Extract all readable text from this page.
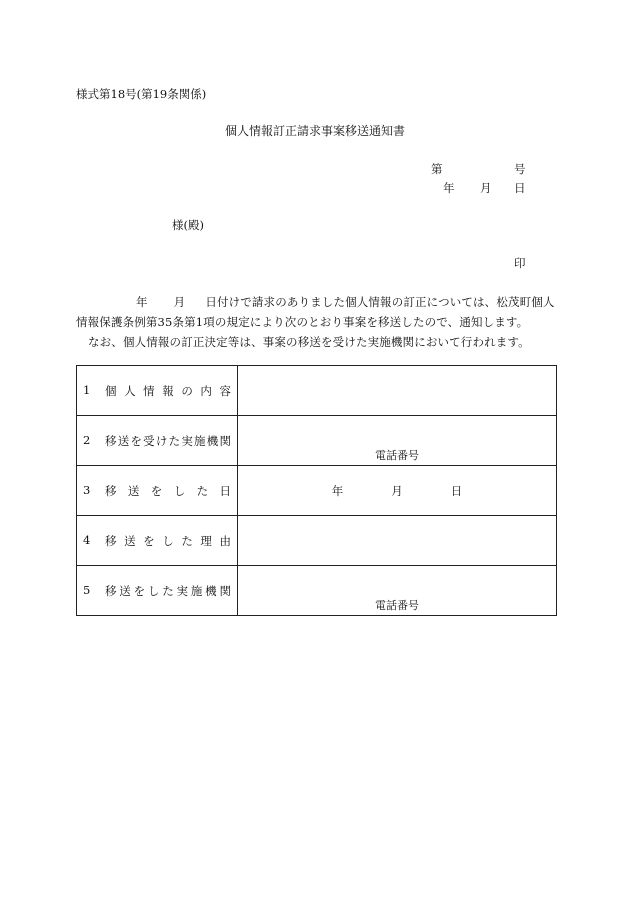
様式第18号(第19条関係)
個人情報訂正請求事案移送通知書
第	号
年 月 日
様(殿)
印

年 月 日付けで請求のありました個人情報の訂正については、松茂町個人情報保護条例第35条第1項の規定により次のとおり事案を移送したので、通知します。

なお、個人情報の訂正決定等は、事案の移送を受けた実施機関において行われます。

1 個人情報の内容	

2 移送を受けた実施機関	電話番号

3 移送をした日	年 月 日

4 移送をした理由	

5 移送をした実施機関	電話番号
